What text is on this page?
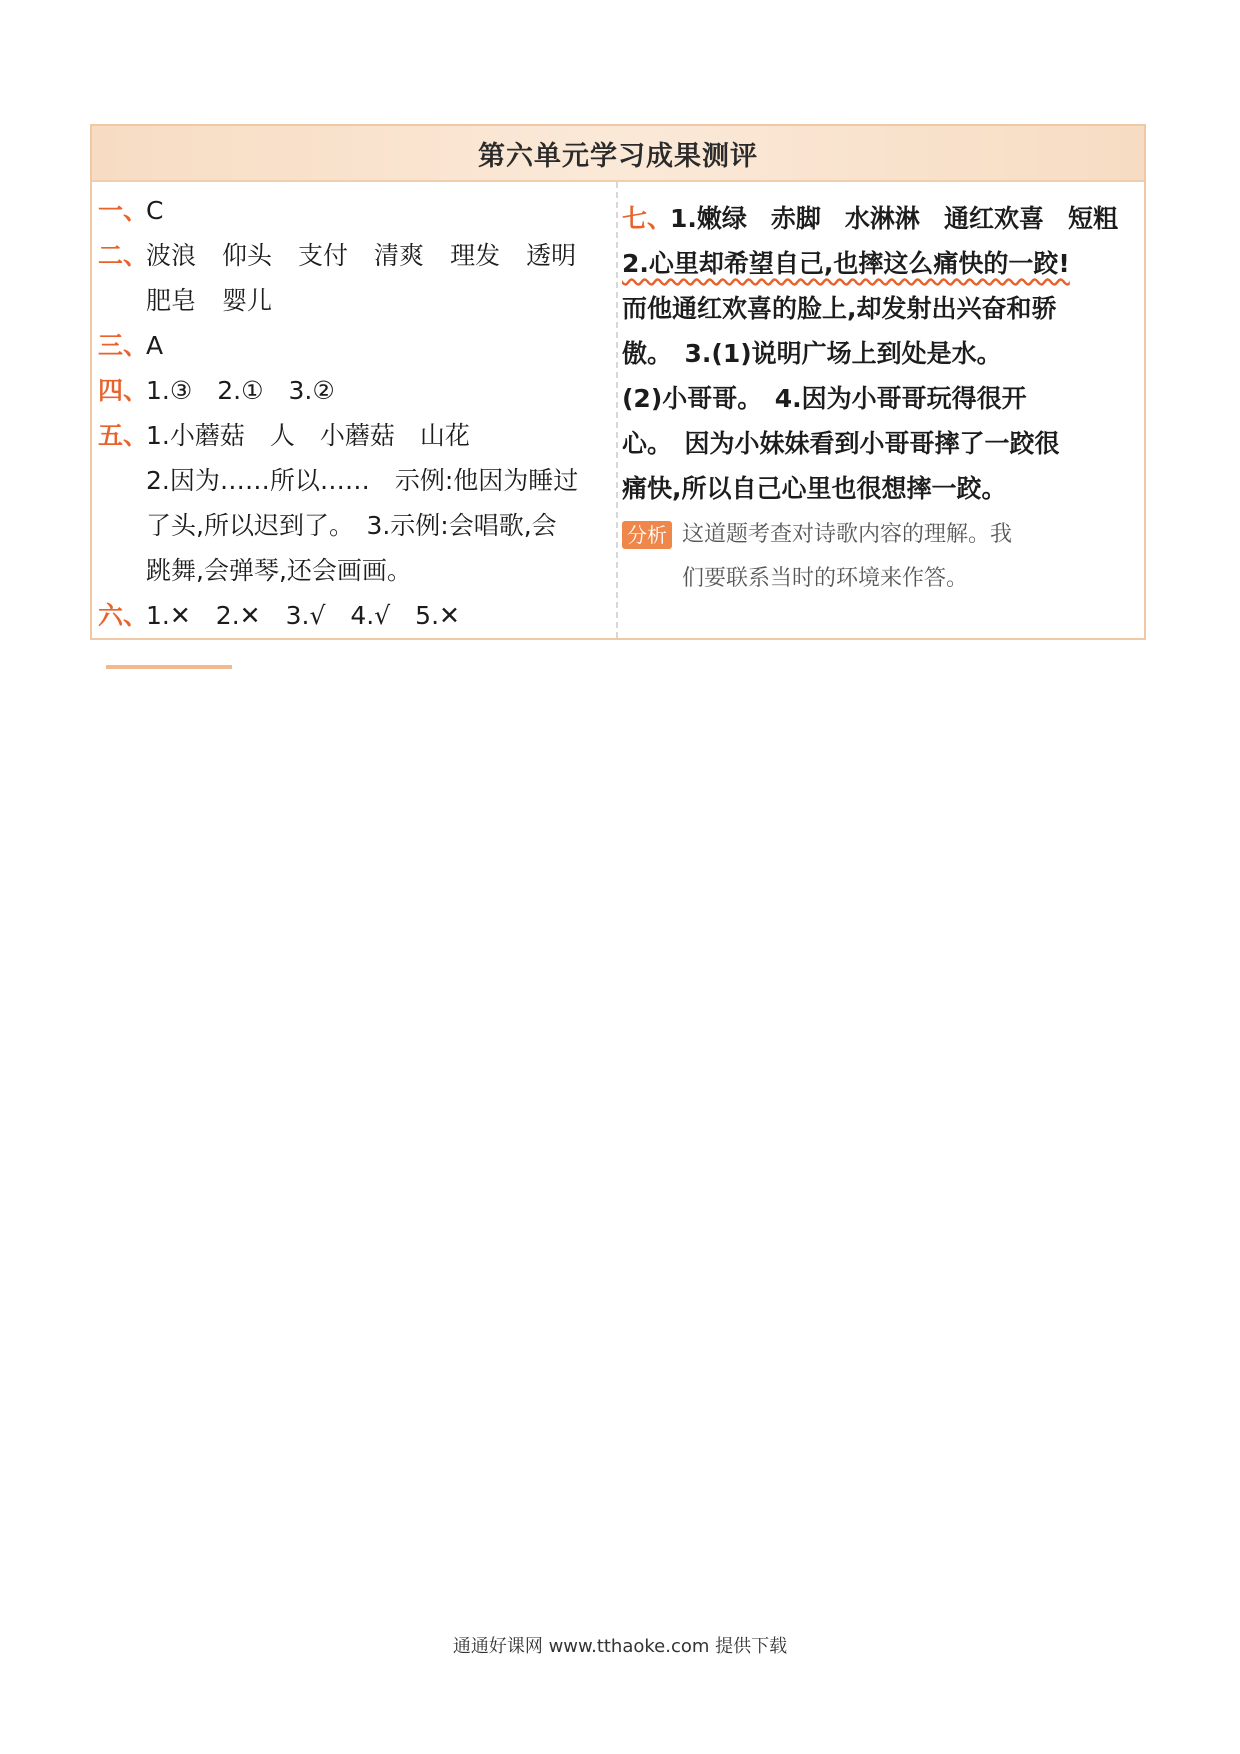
第六单元学习成果测评
一、
C
二、
波浪 仰头 支付 清爽 理发 透明
肥皂 婴儿
三、
A
四、
1.③　2.①　3.②
五、
1.小蘑菇　人　小蘑菇　山花
2.因为……所以……　示例:他因为睡过
了头,所以迟到了。　3.示例:会唱歌,会
跳舞,会弹琴,还会画画。
六、
1.✕　2.✕　3.√　4.√　5.✕
七、
1.嫩绿 赤脚 水淋淋 通红欢喜 短粗
2.心里却希望自己,也摔这么痛快的一跤!
而他通红欢喜的脸上,却发射出兴奋和骄
傲。　3.(1)说明广场上到处是水。
(2)小哥哥。　4.因为小哥哥玩得很开
心。　因为小妹妹看到小哥哥摔了一跤很
痛快,所以自己心里也很想摔一跤。
分析 这道题考查对诗歌内容的理解。我
们要联系当时的环境来作答。
通通好课网 www.tthaoke.com 提供下载
